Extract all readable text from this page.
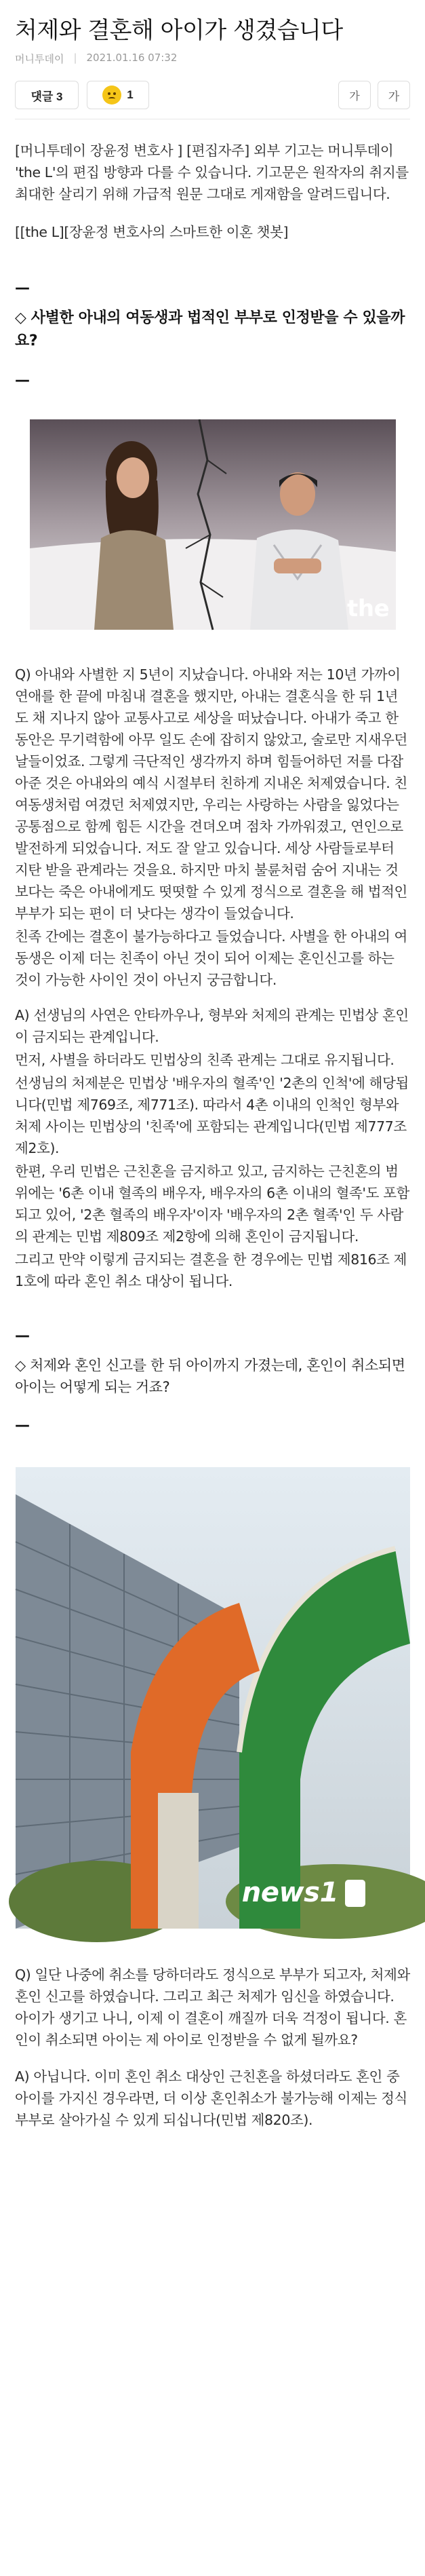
처제와 결혼해 아이가 생겼습니다
머니투데이 | 2021.01.16 07:32
댓글 3	1	가	가

[머니투데이 장윤정 변호사 ] [편집자주] 외부 기고는 머니투데이 'the L'의 편집 방향과 다를 수 있습니다. 기고문은 원작자의 취지를 최대한 살리기 위해 가급적 원문 그대로 게재함을 알려드립니다.

[[the L][장윤정 변호사의 스마트한 이혼 챗봇]

—

◇ 사별한 아내의 여동생과 법적인 부부로 인정받을 수 있을까요?

—
the L

Q) 아내와 사별한 지 5년이 지났습니다. 아내와 저는 10년 가까이 연애를 한 끝에 마침내 결혼을 했지만, 아내는 결혼식을 한 뒤 1년도 채 지나지 않아 교통사고로 세상을 떠났습니다. 아내가 죽고 한동안은 무기력함에 아무 일도 손에 잡히지 않았고, 술로만 지새우던 날들이었죠. 그렇게 극단적인 생각까지 하며 힘들어하던 저를 다잡아준 것은 아내와의 예식 시절부터 친하게 지내온 처제였습니다. 친여동생처럼 여겼던 처제였지만, 우리는 사랑하는 사람을 잃었다는 공통점으로 함께 힘든 시간을 견뎌오며 점차 가까워졌고, 연인으로 발전하게 되었습니다. 저도 잘 알고 있습니다. 세상 사람들로부터 지탄 받을 관계라는 것을요. 하지만 마치 불륜처럼 숨어 지내는 것보다는 죽은 아내에게도 떳떳할 수 있게 정식으로 결혼을 해 법적인 부부가 되는 편이 더 낫다는 생각이 들었습니다.

친족 간에는 결혼이 불가능하다고 들었습니다. 사별을 한 아내의 여동생은 이제 더는 친족이 아닌 것이 되어 이제는 혼인신고를 하는 것이 가능한 사이인 것이 아닌지 궁금합니다.

A) 선생님의 사연은 안타까우나, 형부와 처제의 관계는 민법상 혼인이 금지되는 관계입니다.

먼저, 사별을 하더라도 민법상의 친족 관계는 그대로 유지됩니다.

선생님의 처제분은 민법상 '배우자의 혈족'인 '2촌의 인척'에 해당됩니다(민법 제769조, 제771조). 따라서 4촌 이내의 인척인 형부와 처제 사이는 민법상의 '친족'에 포함되는 관계입니다(민법 제777조 제2호).

한편, 우리 민법은 근친혼을 금지하고 있고, 금지하는 근친혼의 범위에는 '6촌 이내 혈족의 배우자, 배우자의 6촌 이내의 혈족'도 포함되고 있어, '2촌 혈족의 배우자'이자 '배우자의 2촌 혈족'인 두 사람의 관계는 민법 제809조 제2항에 의해 혼인이 금지됩니다.

그리고 만약 이렇게 금지되는 결혼을 한 경우에는 민법 제816조 제1호에 따라 혼인 취소 대상이 됩니다.

—

◇ 처제와 혼인 신고를 한 뒤 아이까지 가졌는데, 혼인이 취소되면 아이는 어떻게 되는 거죠?

—
news1

Q) 일단 나중에 취소를 당하더라도 정식으로 부부가 되고자, 처제와 혼인 신고를 하였습니다. 그리고 최근 처제가 임신을 하였습니다. 아이가 생기고 나니, 이제 이 결혼이 깨질까 더욱 걱정이 됩니다. 혼인이 취소되면 아이는 제 아이로 인정받을 수 없게 될까요?

A) 아닙니다. 이미 혼인 취소 대상인 근친혼을 하셨더라도 혼인 중 아이를 가지신 경우라면, 더 이상 혼인취소가 불가능해 이제는 정식 부부로 살아가실 수 있게 되십니다(민법 제820조).
